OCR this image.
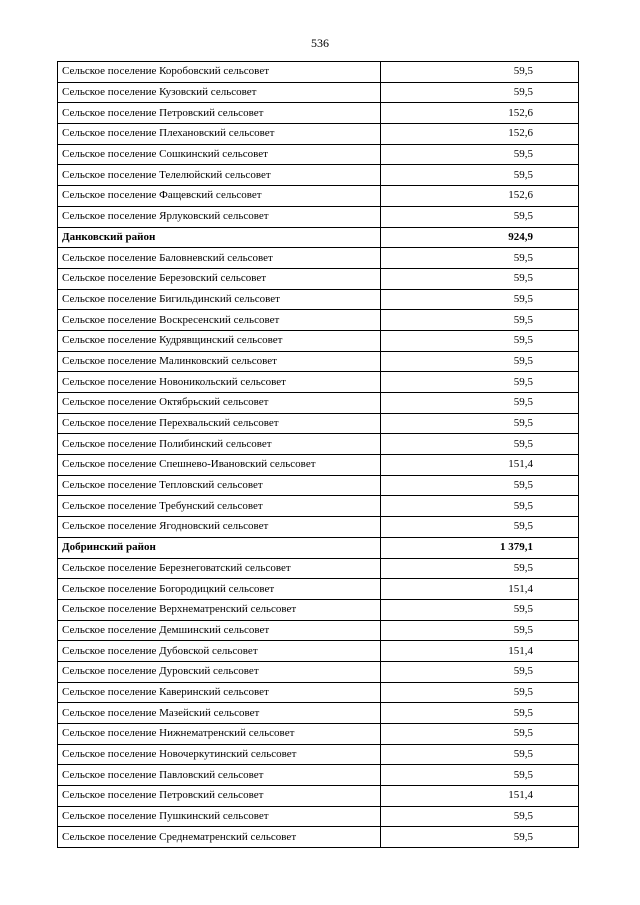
536
Сельское поселение Коробовский сельсовет	59,5
Сельское поселение Кузовский сельсовет	59,5
Сельское поселение Петровский сельсовет	152,6
Сельское поселение Плехановский сельсовет	152,6
Сельское поселение Сошкинский сельсовет	59,5
Сельское поселение Телелюйский сельсовет	59,5
Сельское поселение Фащевский сельсовет	152,6
Сельское поселение Ярлуковский сельсовет	59,5
Данковский район	924,9
Сельское поселение Баловневский сельсовет	59,5
Сельское поселение Березовский сельсовет	59,5
Сельское поселение Бигильдинский сельсовет	59,5
Сельское поселение Воскресенский сельсовет	59,5
Сельское поселение Кудрявщинский сельсовет	59,5
Сельское поселение Малинковский сельсовет	59,5
Сельское поселение Новоникольский сельсовет	59,5
Сельское поселение Октябрьский сельсовет	59,5
Сельское поселение Перехвальский сельсовет	59,5
Сельское поселение Полибинский сельсовет	59,5
Сельское поселение Спешнево-Ивановский сельсовет	151,4
Сельское поселение Тепловский сельсовет	59,5
Сельское поселение Требунский сельсовет	59,5
Сельское поселение Ягодновский сельсовет	59,5
Добринский район	1 379,1
Сельское поселение Березнеговатский сельсовет	59,5
Сельское поселение Богородицкий сельсовет	151,4
Сельское поселение Верхнематренский сельсовет	59,5
Сельское поселение Демшинский сельсовет	59,5
Сельское поселение Дубовской сельсовет	151,4
Сельское поселение Дуровский сельсовет	59,5
Сельское поселение Каверинский сельсовет	59,5
Сельское поселение Мазейский сельсовет	59,5
Сельское поселение Нижнематренский сельсовет	59,5
Сельское поселение Новочеркутинский сельсовет	59,5
Сельское поселение Павловский сельсовет	59,5
Сельское поселение Петровский сельсовет	151,4
Сельское поселение Пушкинский сельсовет	59,5
Сельское поселение Среднематренский сельсовет	59,5
